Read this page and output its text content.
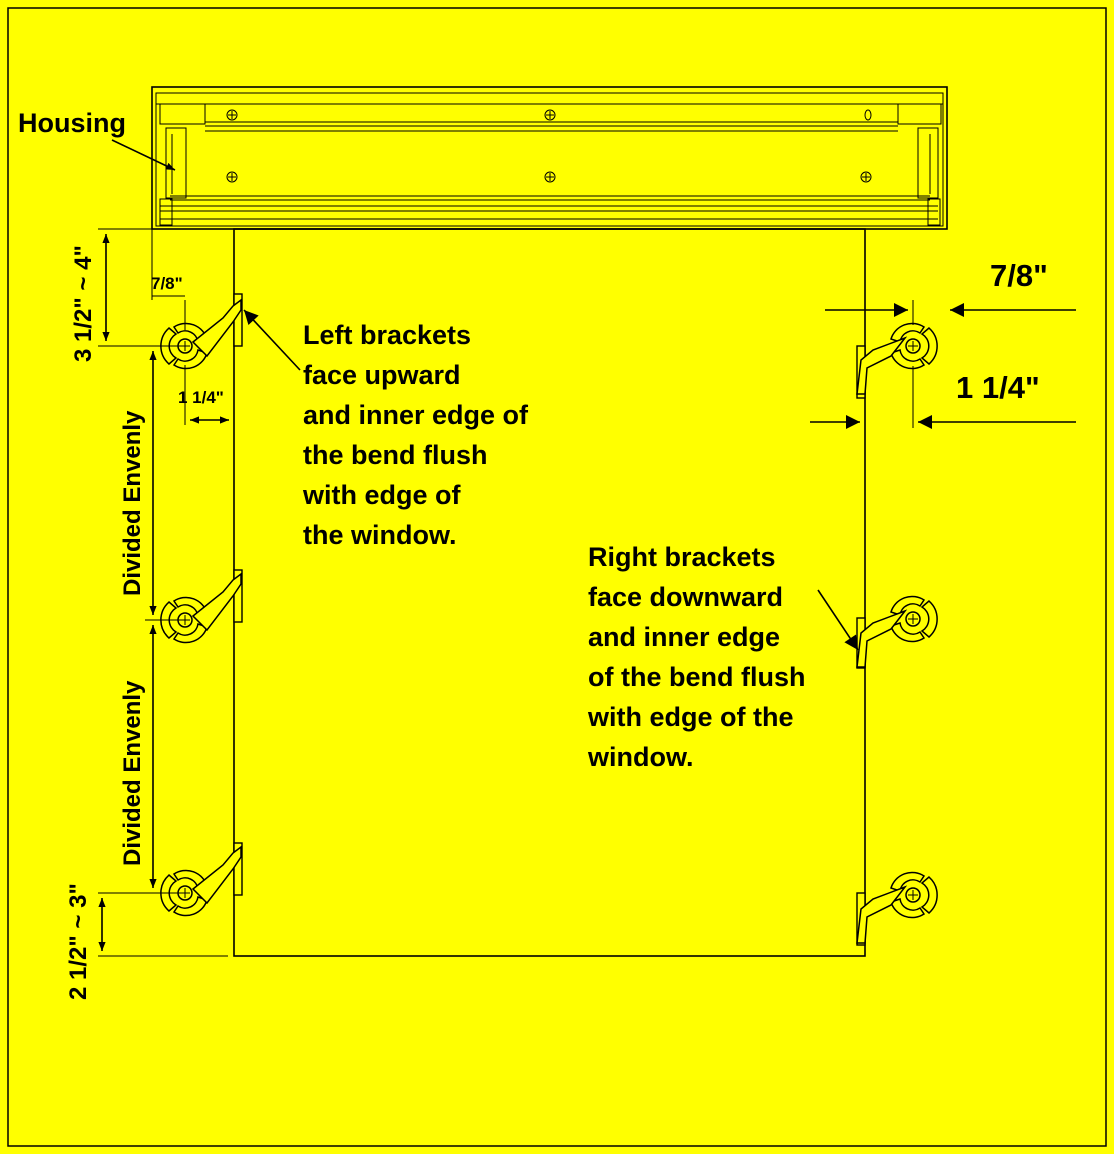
Housing
3 1/2" ~ 4"
Divided Envenly
Divided Envenly
2 1/2" ~ 3"
7/8"
1 1/4"
7/8"
1 1/4"
Left brackets
face upward
and inner edge of
the bend flush
with edge of
the window.
Right brackets
face downward
and inner edge
of the bend flush
with edge of the
window.
